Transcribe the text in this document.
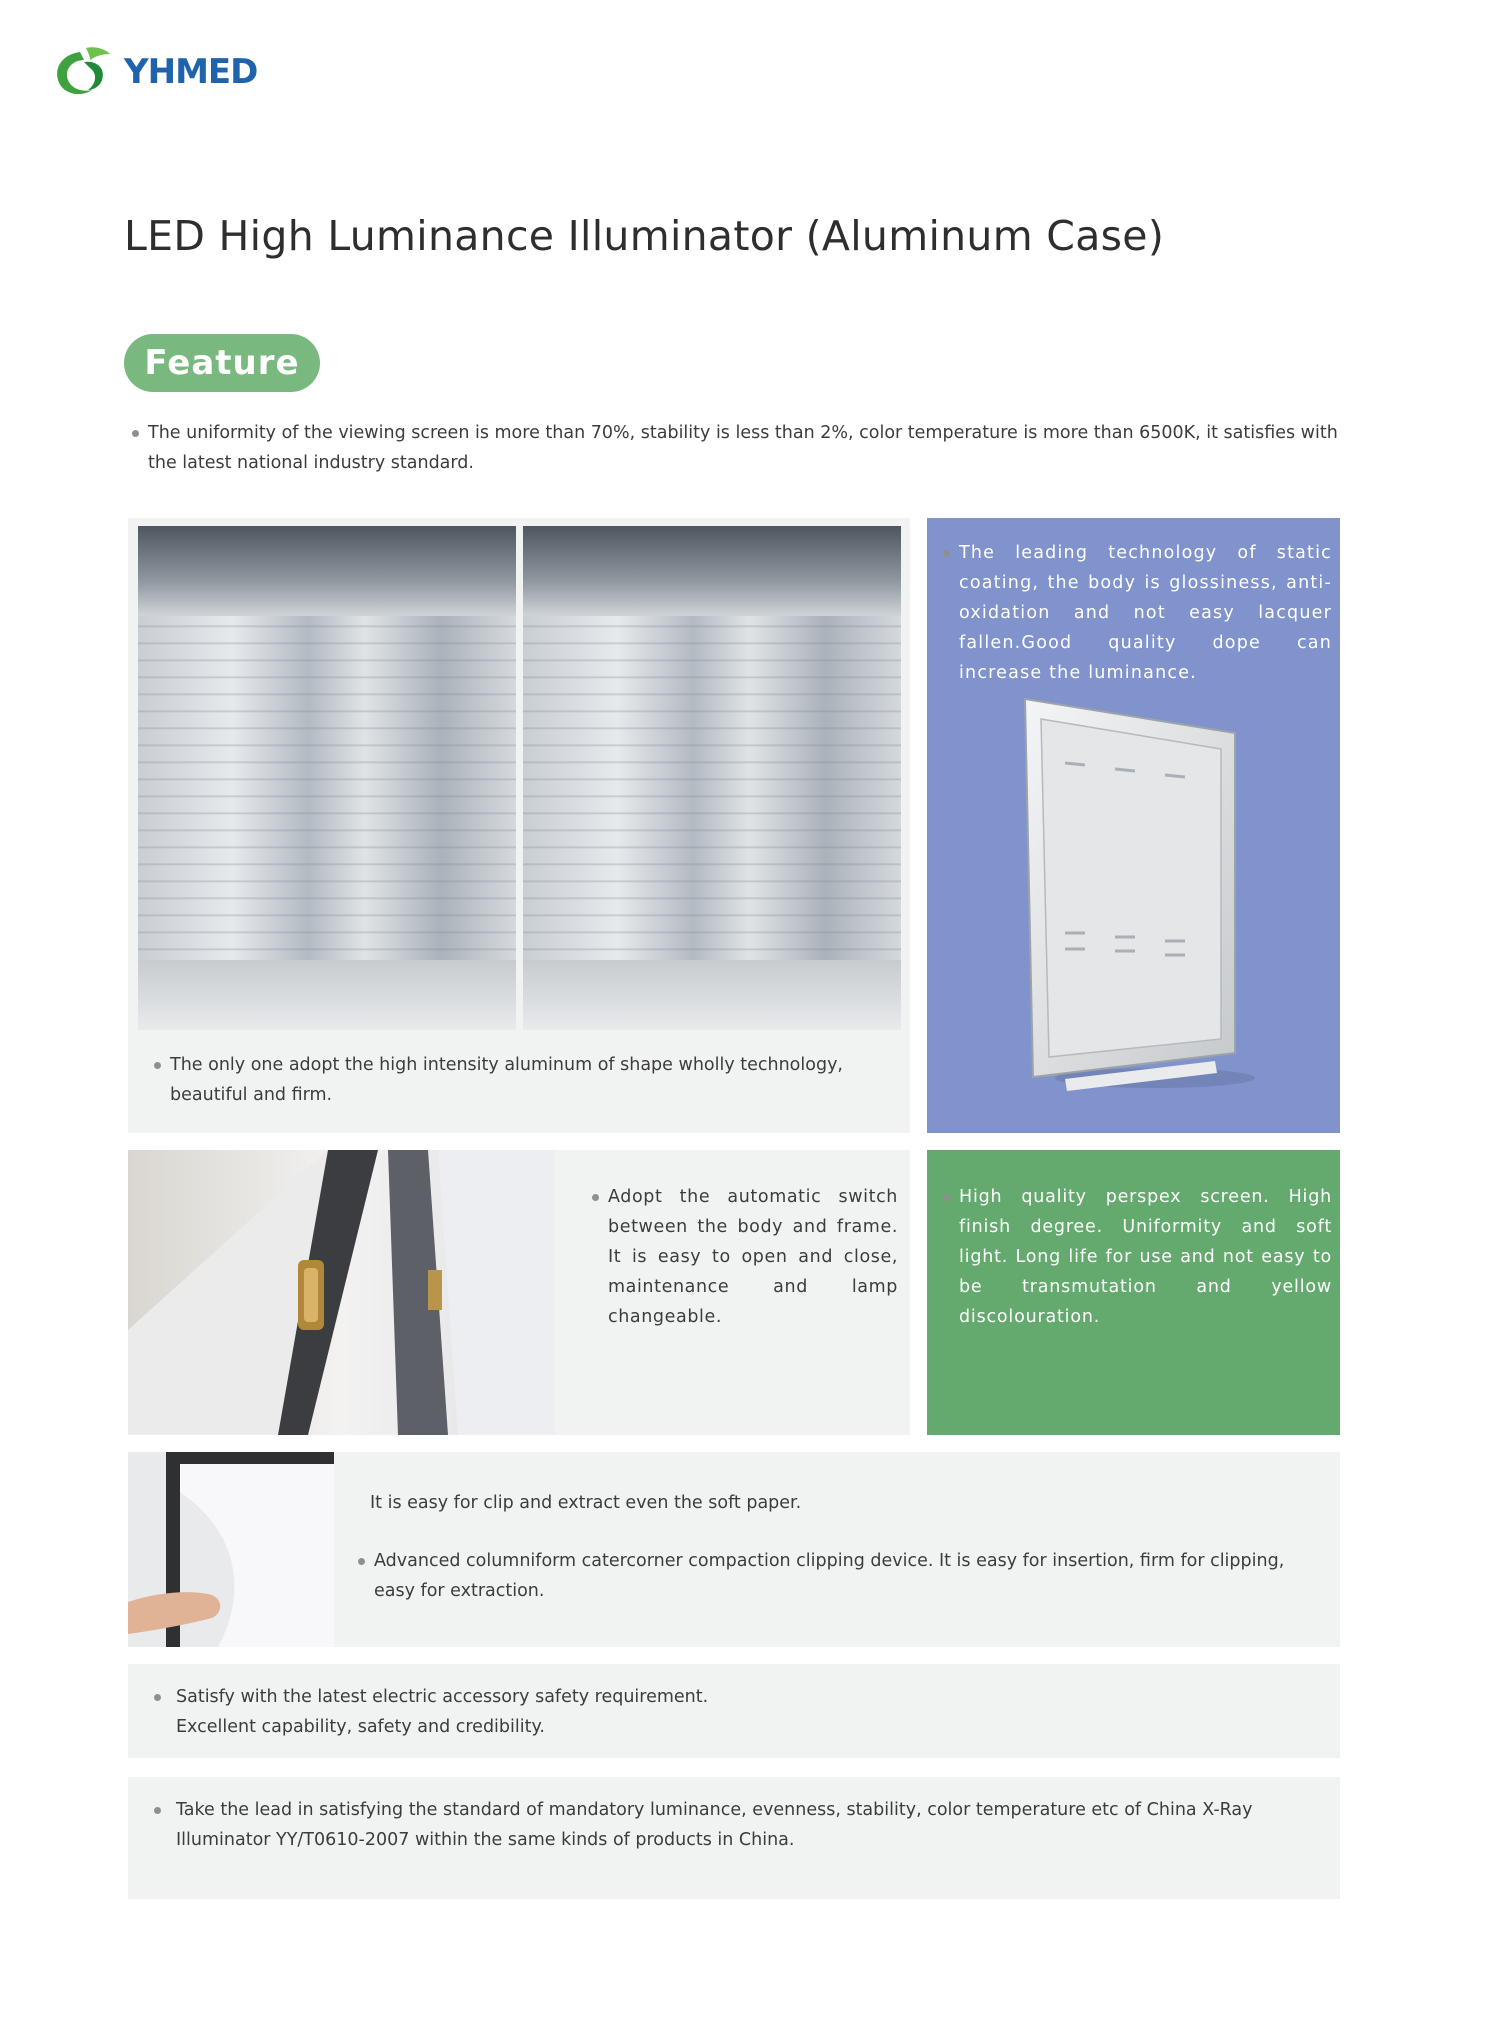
YHMED
LED High Luminance Illuminator (Aluminum Case)
Feature
The uniformity of the viewing screen is more than 70%, stability is less than 2%, color temperature is more than 6500K, it satisfies with the latest national industry standard.
The only one adopt the high intensity aluminum of shape wholly technology, beautiful and firm.
The leading technology of static coating, the body is glossiness, anti-oxidation and not easy lacquer fallen.Good quality dope can increase the luminance.
Adopt the automatic switch between the body and frame. It is easy to open and close, maintenance and lamp changeable.
High quality perspex screen. High finish degree. Uniformity and soft light. Long life for use and not easy to be transmutation and yellow discolouration.
It is easy for clip and extract even the soft paper.
Advanced columniform catercorner compaction clipping device. It is easy for insertion, firm for clipping, easy for extraction.
Satisfy with the latest electric accessory safety requirement.
Excellent capability, safety and credibility.
Take the lead in satisfying the standard of mandatory luminance, evenness, stability, color temperature etc of China X-Ray Illuminator YY/T0610-2007 within the same kinds of products in China.
